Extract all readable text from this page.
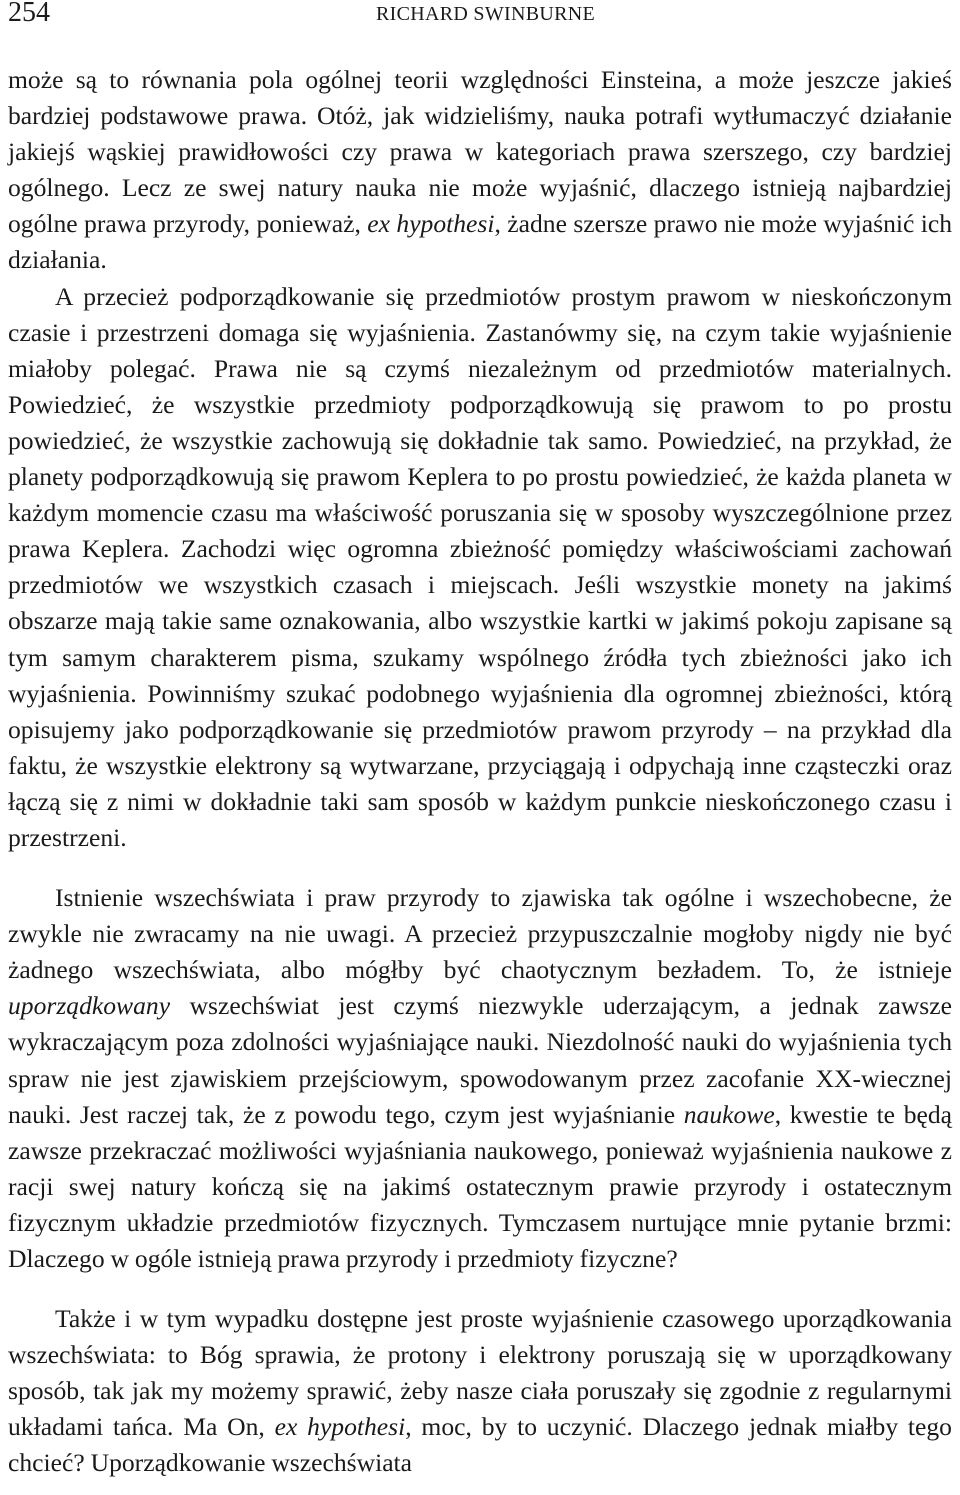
254	RICHARD SWINBURNE

może są to równania pola ogólnej teorii względności Einsteina, a może jeszcze jakieś bardziej podstawowe prawa. Otóż, jak widzieliśmy, nauka potrafi wytłumaczyć działanie jakiejś wąskiej prawidłowości czy prawa w kategoriach prawa szerszego, czy bardziej ogólnego. Lecz ze swej natury nauka nie może wyjaśnić, dlaczego istnieją najbardziej ogólne prawa przyrody, ponieważ, ex hypothesi, żadne szersze prawo nie może wyjaśnić ich działania.

A przecież podporządkowanie się przedmiotów prostym prawom w nieskończonym czasie i przestrzeni domaga się wyjaśnienia. Zastanówmy się, na czym takie wyjaśnienie miałoby polegać. Prawa nie są czymś niezależnym od przedmiotów materialnych. Powiedzieć, że wszystkie przedmioty podporządkowują się prawom to po prostu powiedzieć, że wszystkie zachowują się dokładnie tak samo. Powiedzieć, na przykład, że planety podporządkowują się prawom Keplera to po prostu powiedzieć, że każda planeta w każdym momencie czasu ma właściwość poruszania się w sposoby wyszczególnione przez prawa Keplera. Zachodzi więc ogromna zbieżność pomiędzy właściwościami zachowań przedmiotów we wszystkich czasach i miejscach. Jeśli wszystkie monety na jakimś obszarze mają takie same oznakowania, albo wszystkie kartki w jakimś pokoju zapisane są tym samym charakterem pisma, szukamy wspólnego źródła tych zbieżności jako ich wyjaśnienia. Powinniśmy szukać podobnego wyjaśnienia dla ogromnej zbieżności, którą opisujemy jako podporządkowanie się przedmiotów prawom przyrody – na przykład dla faktu, że wszystkie elektrony są wytwarzane, przyciągają i odpychają inne cząsteczki oraz łączą się z nimi w dokładnie taki sam sposób w każdym punkcie nieskończonego czasu i przestrzeni.

Istnienie wszechświata i praw przyrody to zjawiska tak ogólne i wszechobecne, że zwykle nie zwracamy na nie uwagi. A przecież przypuszczalnie mogłoby nigdy nie być żadnego wszechświata, albo mógłby być chaotycznym bezładem. To, że istnieje uporządkowany wszechświat jest czymś niezwykle uderzającym, a jednak zawsze wykraczającym poza zdolności wyjaśniające nauki. Niezdolność nauki do wyjaśnienia tych spraw nie jest zjawiskiem przejściowym, spowodowanym przez zacofanie XX-wiecznej nauki. Jest raczej tak, że z powodu tego, czym jest wyjaśnianie naukowe, kwestie te będą zawsze przekraczać możliwości wyjaśniania naukowego, ponieważ wyjaśnienia naukowe z racji swej natury kończą się na jakimś ostatecznym prawie przyrody i ostatecznym fizycznym układzie przedmiotów fizycznych. Tymczasem nurtujące mnie pytanie brzmi: Dlaczego w ogóle istnieją prawa przyrody i przedmioty fizyczne?

Także i w tym wypadku dostępne jest proste wyjaśnienie czasowego uporządkowania wszechświata: to Bóg sprawia, że protony i elektrony poruszają się w uporządkowany sposób, tak jak my możemy sprawić, żeby nasze ciała poruszały się zgodnie z regularnymi układami tańca. Ma On, ex hypothesi, moc, by to uczynić. Dlaczego jednak miałby tego chcieć? Uporządkowanie wszechświata
